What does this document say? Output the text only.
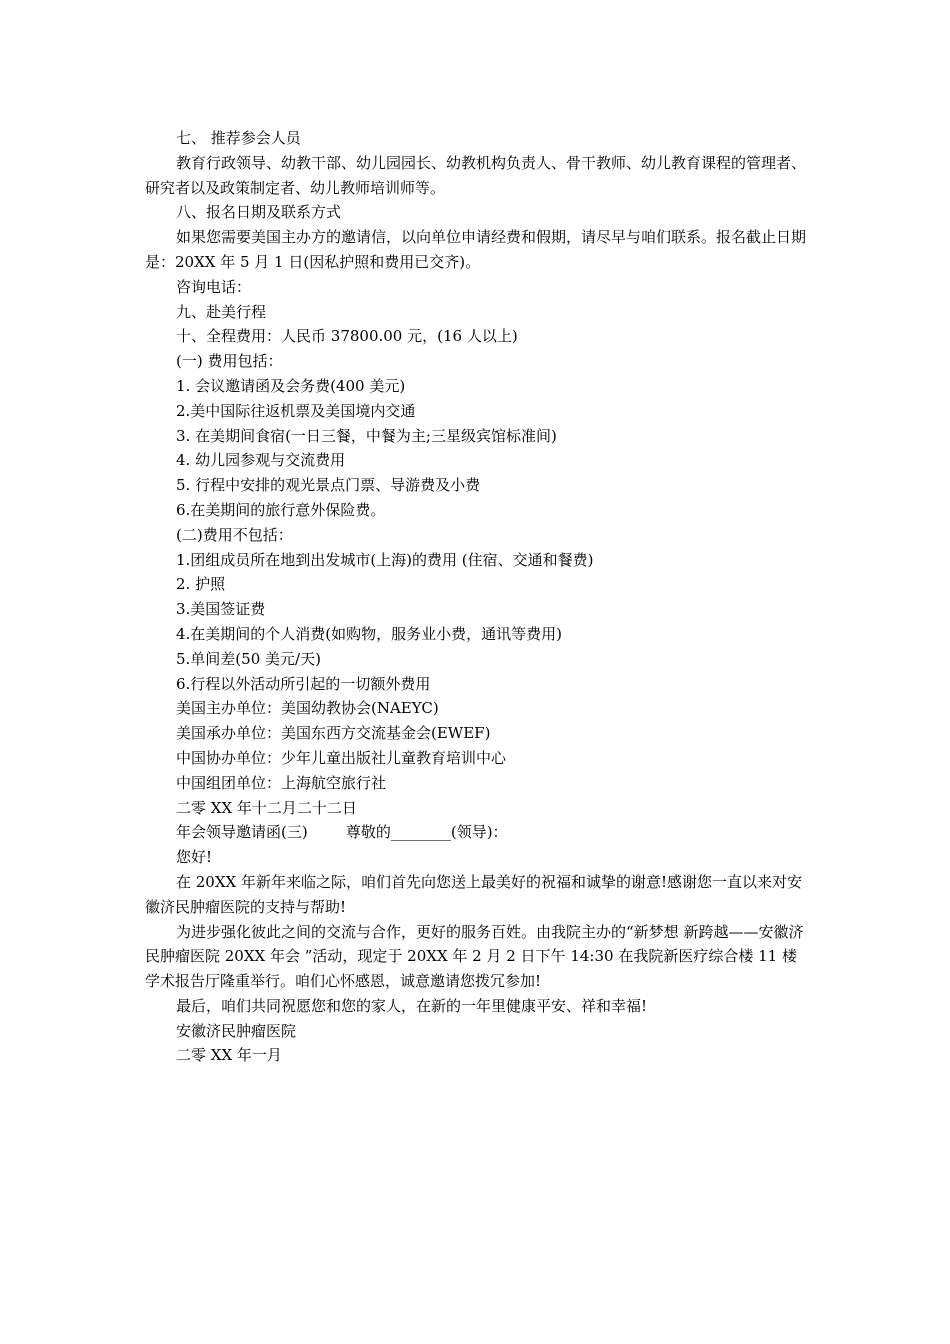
七、 推荐参会人员

教育行政领导、幼教干部、幼儿园园长、幼教机构负责人、骨干教师、幼儿教育课程的管理者、研究者以及政策制定者、幼儿教师培训师等。

八、报名日期及联系方式

如果您需要美国主办方的邀请信，以向单位申请经费和假期，请尽早与咱们联系。报名截止日期是：20XX 年 5 月 1 日(因私护照和费用已交齐)。

咨询电话：

九、赴美行程

十、全程费用：人民币 37800.00 元，(16 人以上)

(一) 费用包括：

1. 会议邀请函及会务费(400 美元)

2.美中国际往返机票及美国境内交通

3. 在美期间食宿(一日三餐，中餐为主;三星级宾馆标准间)

4. 幼儿园参观与交流费用

5. 行程中安排的观光景点门票、导游费及小费

6.在美期间的旅行意外保险费。

(二)费用不包括：

1.团组成员所在地到出发城市(上海)的费用 (住宿、交通和餐费)

2. 护照

3.美国签证费

4.在美期间的个人消费(如购物，服务业小费，通讯等费用)

5.单间差(50 美元/天)

6.行程以外活动所引起的一切额外费用

美国主办单位：美国幼教协会(NAEYC)

美国承办单位：美国东西方交流基金会(EWEF)

中国协办单位：少年儿童出版社儿童教育培训中心

中国组团单位：上海航空旅行社

二零 XX 年十二月二十二日

年会领导邀请函(三)        尊敬的________(领导)：

您好!

在 20XX 年新年来临之际，咱们首先向您送上最美好的祝福和诚挚的谢意!感谢您一直以来对安徽济民肿瘤医院的支持与帮助!

为进步强化彼此之间的交流与合作，更好的服务百姓。由我院主办的“新梦想 新跨越——安徽济民肿瘤医院 20XX 年会 ”活动，现定于 20XX 年 2 月 2 日下午 14:30 在我院新医疗综合楼 11 楼学术报告厅隆重举行。咱们心怀感恩，诚意邀请您拨冗参加!

最后，咱们共同祝愿您和您的家人，在新的一年里健康平安、祥和幸福!

安徽济民肿瘤医院

二零 XX 年一月
